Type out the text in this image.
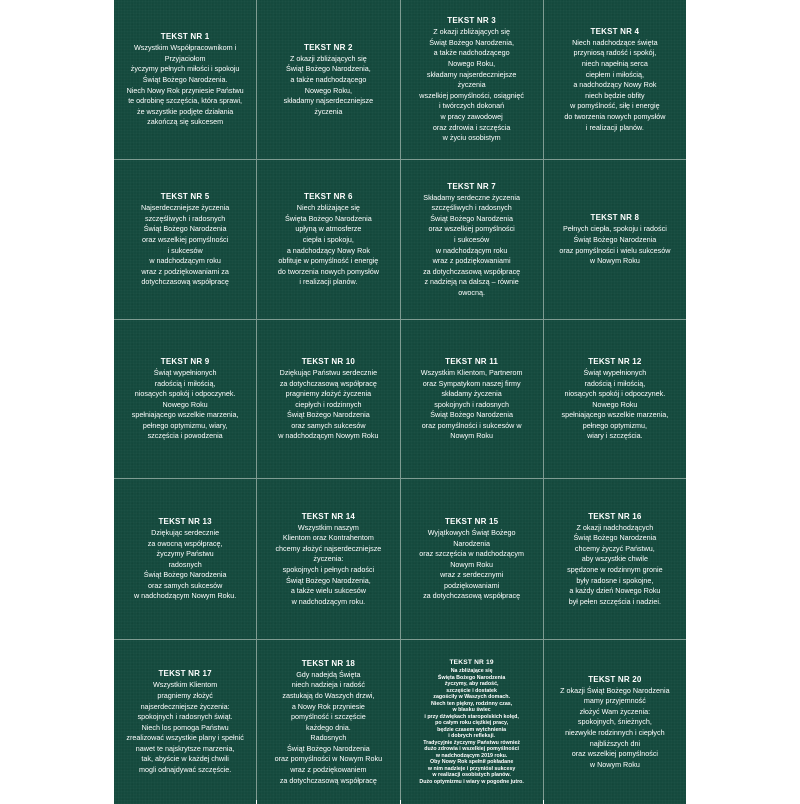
TEKST NR 1
Wszystkim Współpracownikom i
Przyjaciołom
życzymy pełnych miłości i spokoju
Świąt Bożego Narodzenia.
Niech Nowy Rok przyniesie Państwu
te odrobinę szczęścia, która sprawi,
że wszystkie podjęte działania
zakończą się sukcesem
TEKST NR 2
Z okazji zbliżających się
Świąt Bożego Narodzenia,
a także nadchodzącego
Nowego Roku,
składamy najserdeczniejsze
życzenia
TEKST NR 3
Z okazji zbliżających się
Świąt Bożego Narodzenia,
a także nadchodzącego
Nowego Roku,
składamy najserdeczniejsze
życzenia
wszelkiej pomyślności, osiągnięć
i twórczych dokonań
w pracy zawodowej
oraz zdrowia i szczęścia
w życiu osobistym
TEKST NR 4
Niech nadchodzące święta
przyniosą radość i spokój,
niech napełnią serca
ciepłem i miłością,
a nadchodzący Nowy Rok
niech będzie obfity
w pomyślność, siłę i energię
do tworzenia nowych pomysłów
i realizacji planów.
TEKST NR 5
Najserdeczniejsze życzenia
szczęśliwych i radosnych
Świąt Bożego Narodzenia
oraz wszelkiej pomyślności
i sukcesów
w nadchodzącym roku
wraz z podziękowaniami za
dotychczasową współpracę
TEKST NR 6
Niech zbliżające się
Święta Bożego Narodzenia
upłyną w atmosferze
ciepła i spokoju,
a nadchodzący Nowy Rok
obfituje w pomyślność i energię
do tworzenia nowych pomysłów
i realizacji planów.
TEKST NR 7
Składamy serdeczne życzenia
szczęśliwych i radosnych
Świąt Bożego Narodzenia
oraz wszelkiej pomyślności
i sukcesów
w nadchodzącym roku
wraz z podziękowaniami
za dotychczasową współpracę
z nadzieją na dalszą – równie
owocną.
TEKST NR 8
Pełnych ciepła, spokoju i radości
Świąt Bożego Narodzenia
oraz pomyślności i wielu sukcesów
w Nowym Roku
TEKST NR 9
Świąt wypełnionych
radością i miłością,
niosących spokój i odpoczynek.
Nowego Roku
spełniającego wszelkie marzenia,
pełnego optymizmu, wiary,
szczęścia i powodzenia
TEKST NR 10
Dziękując Państwu serdecznie
za dotychczasową współpracę
pragniemy złożyć życzenia
ciepłych i rodzinnych
Świąt Bożego Narodzenia
oraz samych sukcesów
w nadchodzącym Nowym Roku
TEKST NR 11
Wszystkim Klientom, Partnerom
oraz Sympatykom naszej firmy
składamy życzenia
spokojnych i radosnych
Świąt Bożego Narodzenia
oraz pomyślności i sukcesów w
Nowym Roku
TEKST NR 12
Świąt wypełnionych
radością i miłością,
niosących spokój i odpoczynek.
Nowego Roku
spełniającego wszelkie marzenia,
pełnego optymizmu,
wiary i szczęścia.
TEKST NR 13
Dziękując serdecznie
za owocną współpracę,
życzymy Państwu
radosnych
Świąt Bożego Narodzenia
oraz samych sukcesów
w nadchodzącym Nowym Roku.
TEKST NR 14
Wszystkim naszym
Klientom oraz Kontrahentom
chcemy złożyć najserdeczniejsze
życzenia:
spokojnych i pełnych radości
Świąt Bożego Narodzenia,
a także wielu sukcesów
w nadchodzącym roku.
TEKST NR 15
Wyjątkowych Świąt Bożego
Narodzenia
oraz szczęścia w nadchodzącym
Nowym Roku
wraz z serdecznymi
podziękowaniami
za dotychczasową współpracę
TEKST NR 16
Z okazji nadchodzących
Świąt Bożego Narodzenia
chcemy życzyć Państwu,
aby wszystkie chwile
spędzone w rodzinnym gronie
były radosne i spokojne,
a każdy dzień Nowego Roku
był pełen szczęścia i nadziei.
TEKST NR 17
Wszystkim Klientom
pragniemy złożyć
najserdeczniejsze życzenia:
spokojnych i radosnych świąt.
Niech los pomoga Państwu
zrealizować wszystkie plany i spełnić
nawet te najskrytsze marzenia,
tak, abyście w każdej chwili
mogli odnajdywać szczęście.
TEKST NR 18
Gdy nadejdą Święta
niech nadzieja i radość
zastukają do Waszych drzwi,
a Nowy Rok przyniesie
pomyślność i szczęście
każdego dnia.
Radosnych
Świąt Bożego Narodzenia
oraz pomyślności w Nowym Roku
wraz z podziękowaniem
za dotychczasową współpracę
TEKST NR 19
Na zbliżające się
Święta Bożego Narodzenia
życzymy, aby radość,
szczęście i dostatek
zagościły w Waszych domach.
Niech ten piękny, rodzinny czas,
w blasku świec
i przy dźwiękach staropolskich kolęd,
po całym roku ciężkiej pracy,
będzie czasem wytchnienia
i dobrych refleksji.
Tradycyjnie życzymy Państwu również
dużo zdrowia i wszelkiej pomyślności
w nadchodzącym 2019 roku.
Oby Nowy Rok spełnił pokładane
w nim nadzieje i przyniósł sukcesy
w realizacji osobistych planów.
Dużo optymizmu i wiary w pogodne jutro.
TEKST NR 20
Z okazji Świąt Bożego Narodzenia
mamy przyjemność
złożyć Wam życzenia:
spokojnych, śnieżnych,
niezwykle rodzinnych i ciepłych
najbliższych dni
oraz wszelkiej pomyślności
w Nowym Roku
